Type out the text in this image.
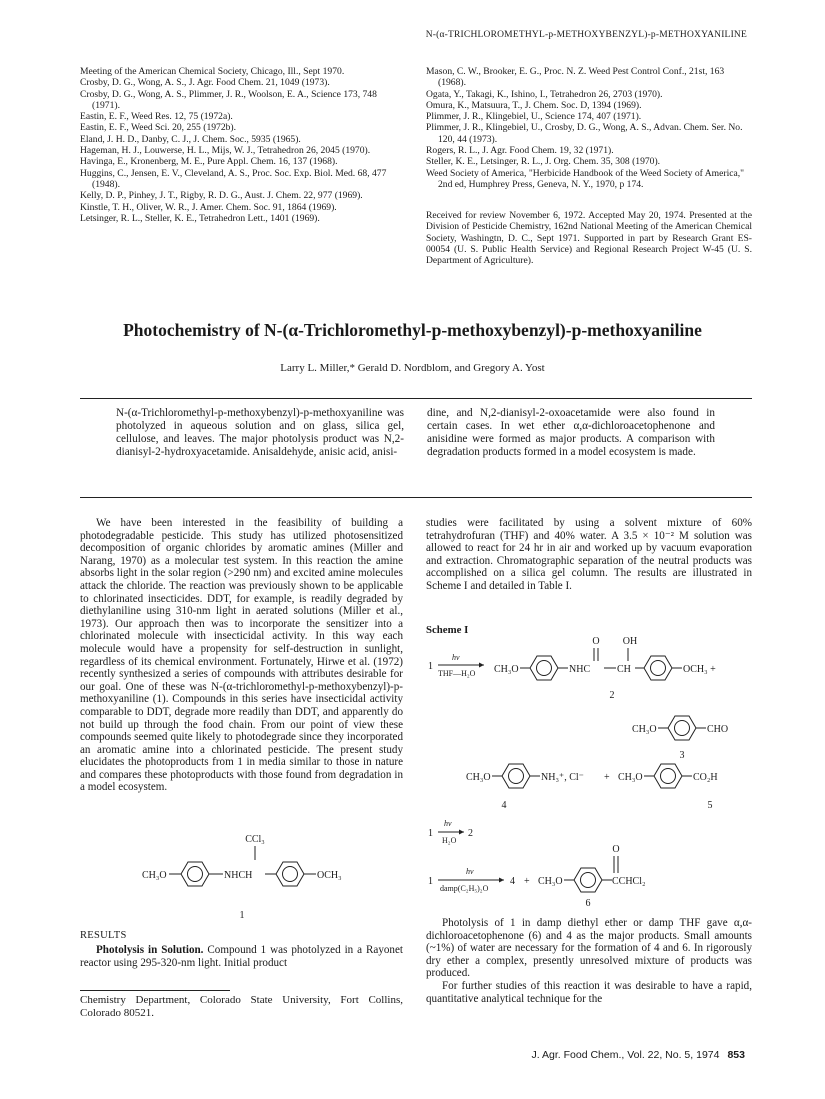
N-(α-TRICHLOROMETHYL-p-METHOXYBENZYL)-p-METHOXYANILINE
Meeting of the American Chemical Society, Chicago, Ill., Sept 1970.
Crosby, D. G., Wong, A. S., J. Agr. Food Chem. 21, 1049 (1973).
Crosby, D. G., Wong, A. S., Plimmer, J. R., Woolson, E. A., Science 173, 748 (1971).
Eastin, E. F., Weed Res. 12, 75 (1972a).
Eastin, E. F., Weed Sci. 20, 255 (1972b).
Eland, J. H. D., Danby, C. J., J. Chem. Soc., 5935 (1965).
Hageman, H. J., Louwerse, H. L., Mijs, W. J., Tetrahedron 26, 2045 (1970).
Havinga, E., Kronenberg, M. E., Pure Appl. Chem. 16, 137 (1968).
Huggins, C., Jensen, E. V., Cleveland, A. S., Proc. Soc. Exp. Biol. Med. 68, 477 (1948).
Kelly, D. P., Pinhey, J. T., Rigby, R. D. G., Aust. J. Chem. 22, 977 (1969).
Kinstle, T. H., Oliver, W. R., J. Amer. Chem. Soc. 91, 1864 (1969).
Letsinger, R. L., Steller, K. E., Tetrahedron Lett., 1401 (1969).
Mason, C. W., Brooker, E. G., Proc. N. Z. Weed Pest Control Conf., 21st, 163 (1968).
Ogata, Y., Takagi, K., Ishino, I., Tetrahedron 26, 2703 (1970).
Omura, K., Matsuura, T., J. Chem. Soc. D, 1394 (1969).
Plimmer, J. R., Klingebiel, U., Science 174, 407 (1971).
Plimmer, J. R., Klingebiel, U., Crosby, D. G., Wong, A. S., Advan. Chem. Ser. No. 120, 44 (1973).
Rogers, R. L., J. Agr. Food Chem. 19, 32 (1971).
Steller, K. E., Letsinger, R. L., J. Org. Chem. 35, 308 (1970).
Weed Society of America, "Herbicide Handbook of the Weed Society of America," 2nd ed, Humphrey Press, Geneva, N. Y., 1970, p 174.
Received for review November 6, 1972. Accepted May 20, 1974. Presented at the Division of Pesticide Chemistry, 162nd National Meeting of the American Chemical Society, Washingtn, D. C., Sept 1971. Supported in part by Research Grant ES-00054 (U. S. Public Health Service) and Regional Research Project W-45 (U. S. Department of Agriculture).
Photochemistry of N-(α-Trichloromethyl-p-methoxybenzyl)-p-methoxyaniline
Larry L. Miller,* Gerald D. Nordblom, and Gregory A. Yost
N-(α-Trichloromethyl-p-methoxybenzyl)-p-methoxyaniline was photolyzed in aqueous solution and on glass, silica gel, cellulose, and leaves. The major photolysis product was N,2-dianisyl-2-hydroxyacetamide. Anisaldehyde, anisic acid, anisi-
dine, and N,2-dianisyl-2-oxoacetamide were also found in certain cases. In wet ether α,α-dichloroacetophenone and anisidine were formed as major products. A comparison with degradation products formed in a model ecosystem is made.

We have been interested in the feasibility of building a photodegradable pesticide. This study has utilized photosensitized decomposition of organic chlorides by aromatic amines (Miller and Narang, 1970) as a molecular test system. In this reaction the amine absorbs light in the solar region (>290 nm) and excited amine molecules attack the chloride. The reaction was previously shown to be applicable to chlorinated insecticides. DDT, for example, is readily degraded by diethylaniline using 310-nm light in aerated solutions (Miller et al., 1973). Our approach then was to incorporate the sensitizer into a chlorinated molecule with insecticidal activity. In this way each molecule would have a propensity for self-destruction in sunlight, regardless of its chemical environment. Fortunately, Hirwe et al. (1972) recently synthesized a series of compounds with attributes desirable for our goal. One of these was N-(α-trichloromethyl-p-methoxybenzyl)-p-methoxyaniline (1). Compounds in this series have insecticidal activity comparable to DDT, degrade more readily than DDT, and apparently do not build up through the food chain. From our point of view these compounds seemed quite likely to photodegrade since they incorporated an aromatic amine into a chlorinated pesticide. The present study elucidates the photoproducts from 1 in media similar to those in nature and compares these photoproducts with those found from degradation in a model ecosystem.

CCl₃
CH₃O	NHCH	OCH₃
1
RESULTS

Photolysis in Solution. Compound 1 was photolyzed in a Rayonet reactor using 295-320-nm light. Initial product

Chemistry Department, Colorado State University, Fort Collins, Colorado 80521.

studies were facilitated by using a solvent mixture of 60% tetrahydrofuran (THF) and 40% water. A 3.5 × 10⁻² M solution was allowed to react for 24 hr in air and worked up by vacuum evaporation and extraction. Chromatographic separation of the neutral products was accomplished on a silica gel column. The results are illustrated in Scheme I and detailed in Table I.

Scheme I
1
hν
THF—H₂O CH₃O	NHC
O
CH
OH
OCH₃ +
2
CH₃O	CHO
3
CH₃O	NH₃⁺, Cl⁻ + CH₃O	CO₂H
4	5
1
hν
H₂O
2
1
hν
damp(C₂H₅)₂O
4 + CH₃O
O
CCHCl₂
6

Photolysis of 1 in damp diethyl ether or damp THF gave α,α-dichloroacetophenone (6) and 4 as the major products. Small amounts (~1%) of water are necessary for the formation of 4 and 6. In rigorously dry ether a complex, presently unresolved mixture of products was produced.

For further studies of this reaction it was desirable to have a rapid, quantitative analytical technique for the

J. Agr. Food Chem., Vol. 22, No. 5, 1974 853
